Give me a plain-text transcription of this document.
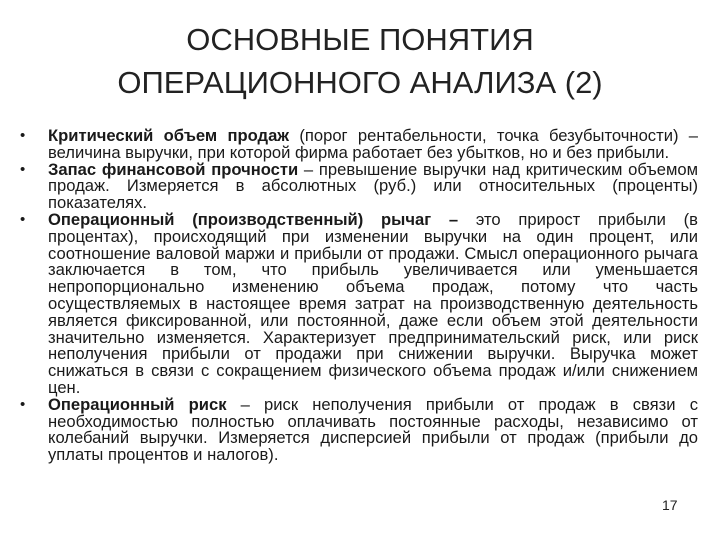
ОСНОВНЫЕ ПОНЯТИЯ
ОПЕРАЦИОННОГО АНАЛИЗА (2)
• Критический объем продаж (порог рентабельности, точка безубыточности) – величина выручки, при которой фирма работает без убытков, но и без прибыли.

• Запас финансовой прочности – превышение выручки над критическим объемом продаж. Измеряется в абсолютных (руб.) или относительных (проценты) показателях.

• Операционный (производственный) рычаг – это прирост прибыли (в процентах), происходящий при изменении выручки на один процент, или соотношение валовой маржи и прибыли от продажи. Смысл операционного рычага заключается в том, что прибыль увеличивается или уменьшается непропорционально изменению объема продаж, потому что часть осуществляемых в настоящее время затрат на производственную деятельность является фиксированной, или постоянной, даже если объем этой деятельности значительно изменяется. Характеризует предпринимательский риск, или риск неполучения прибыли от продажи при снижении выручки. Выручка может снижаться в связи с сокращением физического объема продаж и/или снижением цен.

• Операционный риск – риск неполучения прибыли от продаж в связи с необходимостью полностью оплачивать постоянные расходы, независимо от колебаний выручки. Измеряется дисперсией прибыли от продаж (прибыли до уплаты процентов и налогов).

17
